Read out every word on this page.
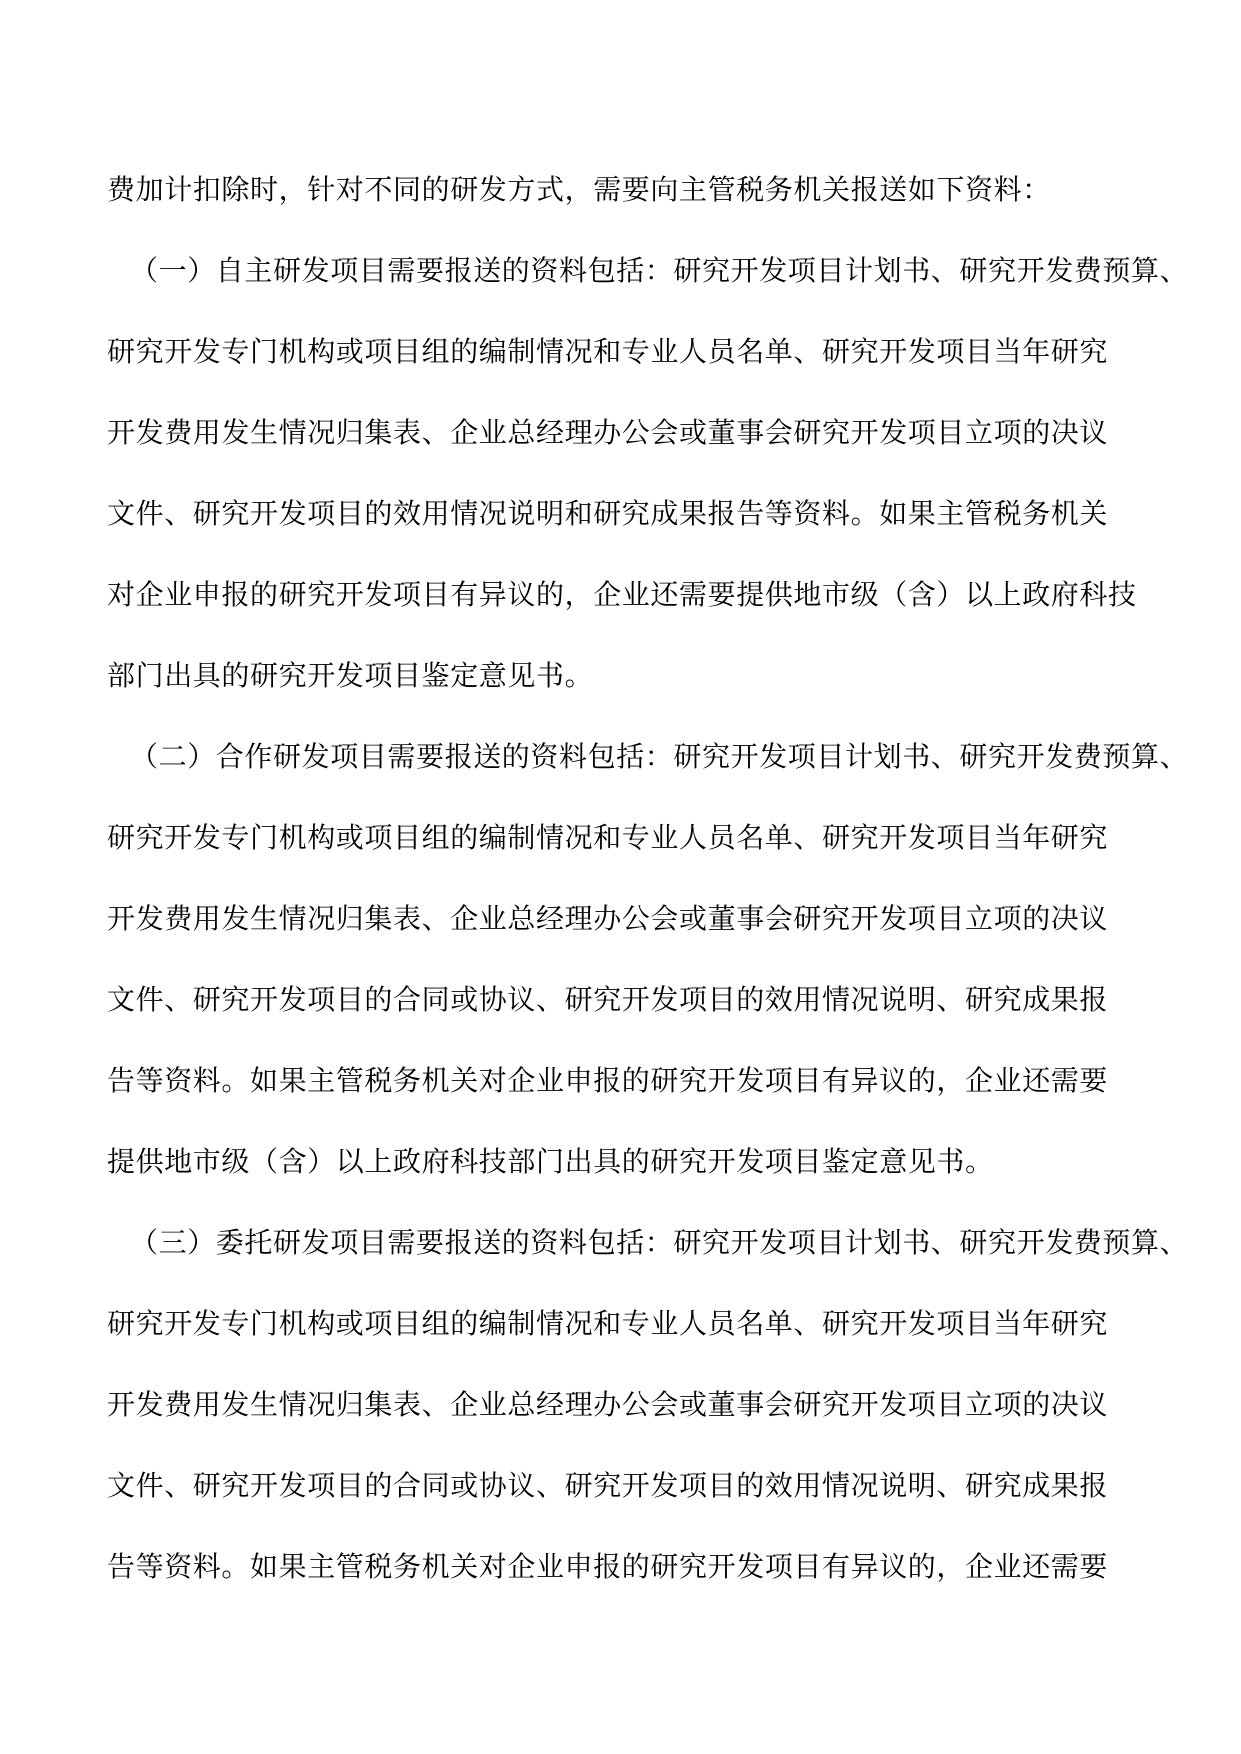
费加计扣除时，针对不同的研发方式，需要向主管税务机关报送如下资料：
（一）自主研发项目需要报送的资料包括：研究开发项目计划书、研究开发费预算、
研究开发专门机构或项目组的编制情况和专业人员名单、研究开发项目当年研究
开发费用发生情况归集表、企业总经理办公会或董事会研究开发项目立项的决议
文件、研究开发项目的效用情况说明和研究成果报告等资料。如果主管税务机关
对企业申报的研究开发项目有异议的，企业还需要提供地市级（含）以上政府科技
部门出具的研究开发项目鉴定意见书。
（二）合作研发项目需要报送的资料包括：研究开发项目计划书、研究开发费预算、
研究开发专门机构或项目组的编制情况和专业人员名单、研究开发项目当年研究
开发费用发生情况归集表、企业总经理办公会或董事会研究开发项目立项的决议
文件、研究开发项目的合同或协议、研究开发项目的效用情况说明、研究成果报
告等资料。如果主管税务机关对企业申报的研究开发项目有异议的，企业还需要
提供地市级（含）以上政府科技部门出具的研究开发项目鉴定意见书。
（三）委托研发项目需要报送的资料包括：研究开发项目计划书、研究开发费预算、
研究开发专门机构或项目组的编制情况和专业人员名单、研究开发项目当年研究
开发费用发生情况归集表、企业总经理办公会或董事会研究开发项目立项的决议
文件、研究开发项目的合同或协议、研究开发项目的效用情况说明、研究成果报
告等资料。如果主管税务机关对企业申报的研究开发项目有异议的，企业还需要
